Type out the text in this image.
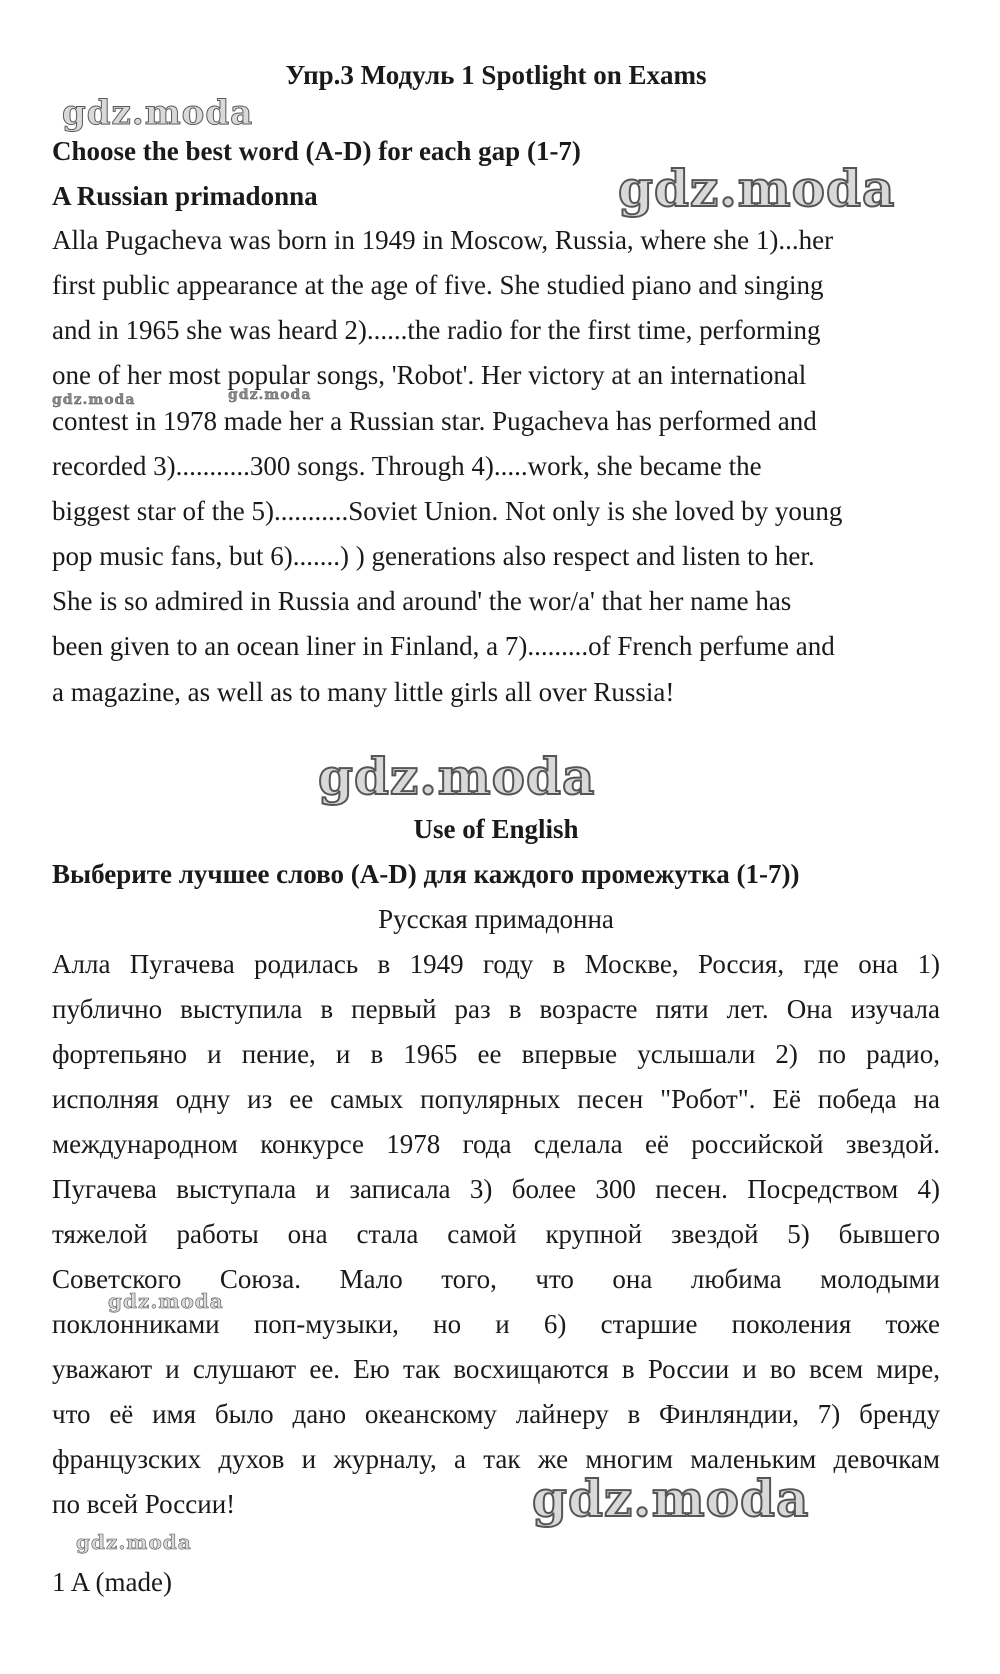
gdz.moda
gdz.moda
gdz.moda	gdz.moda
gdz.moda
gdz.moda
gdz.moda
gdz.moda
Упр.3 Модуль 1 Spotlight on Exams
Choose the best word (A-D) for each gap (1-7)
A Russian primadonna
Alla Pugacheva was born in 1949 in Moscow, Russia, where she 1)...her
first public appearance at the age of five. She studied piano and singing
and in 1965 she was heard 2)......the radio for the first time, performing
one of her most popular songs, 'Robot'. Her victory at an international
contest in 1978 made her a Russian star. Pugacheva has performed and
recorded 3)...........300 songs. Through 4).....work, she became the
biggest star of the 5)...........Soviet Union. Not only is she loved by young
pop music fans, but 6).......) ) generations also respect and listen to her.
She is so admired in Russia and around' the wor/a' that her name has
been given to an ocean liner in Finland, a 7).........of French perfume and
a magazine, as well as to many little girls all over Russia!
Use of English
Выберите лучшее слово (A-D) для каждого промежутка (1-7))
Русская примадонна
Алла Пугачева родилась в 1949 году в Москве, Россия, где она 1)
публично выступила в первый раз в возрасте пяти лет. Она изучала
фортепьяно и пение, и в 1965 ее впервые услышали 2) по радио,
исполняя одну из ее самых популярных песен "Робот". Её победа на
международном конкурсе 1978 года сделала её российской звездой.
Пугачева выступала и записала 3) более 300 песен. Посредством 4)
тяжелой работы она стала самой крупной звездой 5) бывшего
Советского Союза. Мало того, что она любима молодыми
поклонниками поп-музыки, но и 6) старшие поколения тоже
уважают и слушают ее. Ею так восхищаются в России и во всем мире,
что её имя было дано океанскому лайнеру в Финляндии, 7) бренду
французских духов и журналу, а так же многим маленьким девочкам
по всей России!
1 A (made)
